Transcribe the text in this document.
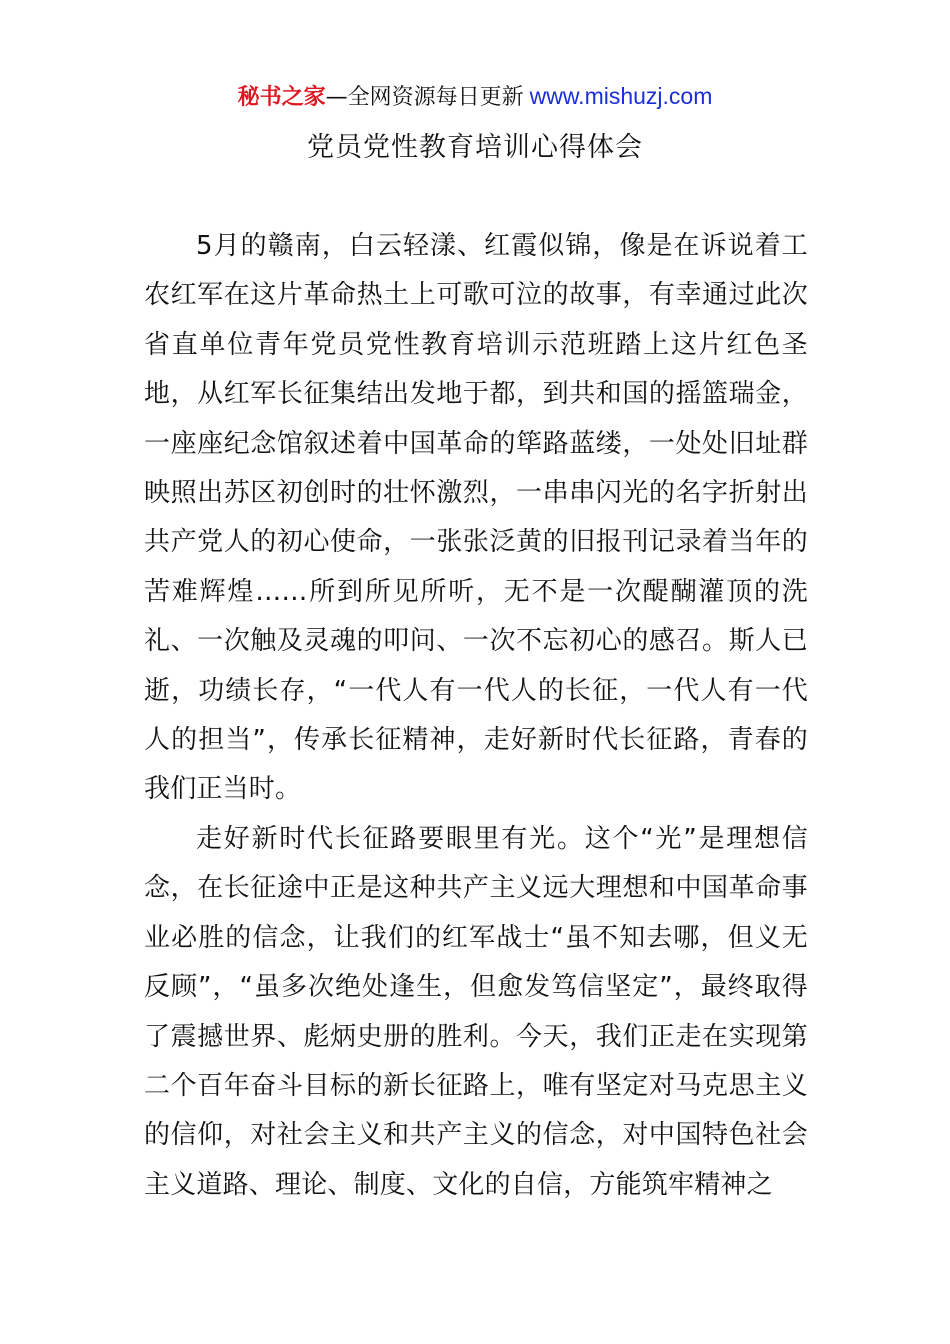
秘书之家—全网资源每日更新 www.mishuzj.com
党员党性教育培训心得体会

5月的赣南，白云轻漾、红霞似锦，像是在诉说着工农红军在这片革命热土上可歌可泣的故事，有幸通过此次省直单位青年党员党性教育培训示范班踏上这片红色圣地，从红军长征集结出发地于都，到共和国的摇篮瑞金，一座座纪念馆叙述着中国革命的筚路蓝缕，一处处旧址群映照出苏区初创时的壮怀激烈，一串串闪光的名字折射出共产党人的初心使命，一张张泛黄的旧报刊记录着当年的苦难辉煌……所到所见所听，无不是一次醍醐灌顶的洗礼、一次触及灵魂的叩问、一次不忘初心的感召。斯人已逝，功绩长存，“一代人有一代人的长征，一代人有一代人的担当”，传承长征精神，走好新时代长征路，青春的我们正当时。

走好新时代长征路要眼里有光。这个“光”是理想信念，在长征途中正是这种共产主义远大理想和中国革命事业必胜的信念，让我们的红军战士“虽不知去哪，但义无反顾”，“虽多次绝处逢生，但愈发笃信坚定”，最终取得了震撼世界、彪炳史册的胜利。今天，我们正走在实现第二个百年奋斗目标的新长征路上，唯有坚定对马克思主义的信仰，对社会主义和共产主义的信念，对中国特色社会主义道路、理论、制度、文化的自信，方能筑牢精神之
